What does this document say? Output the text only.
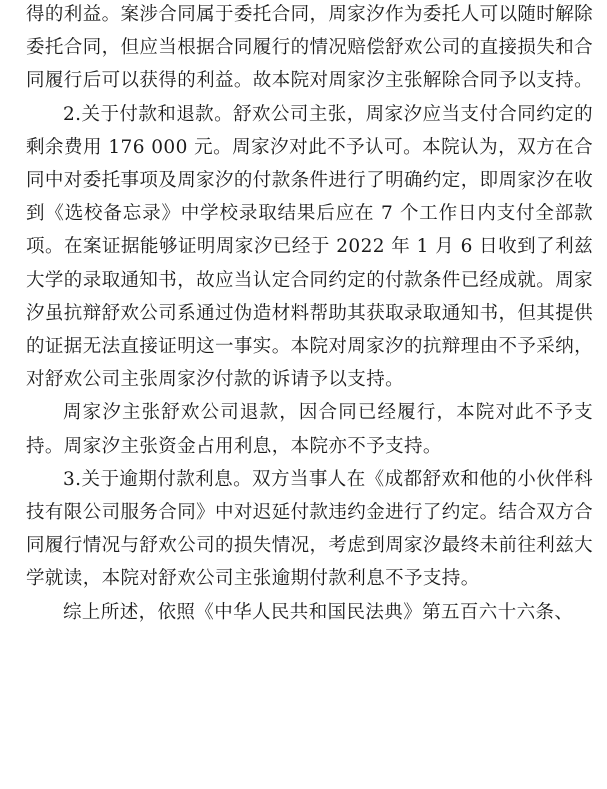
得的利益。案涉合同属于委托合同，周家汐作为委托人可以随时解除委托合同，但应当根据合同履行的情况赔偿舒欢公司的直接损失和合同履行后可以获得的利益。故本院对周家汐主张解除合同予以支持。

2.关于付款和退款。舒欢公司主张，周家汐应当支付合同约定的剩余费用 176 000 元。周家汐对此不予认可。本院认为，双方在合同中对委托事项及周家汐的付款条件进行了明确约定，即周家汐在收到《选校备忘录》中学校录取结果后应在 7 个工作日内支付全部款项。在案证据能够证明周家汐已经于 2022 年 1 月 6 日收到了利兹大学的录取通知书，故应当认定合同约定的付款条件已经成就。周家汐虽抗辩舒欢公司系通过伪造材料帮助其获取录取通知书，但其提供的证据无法直接证明这一事实。本院对周家汐的抗辩理由不予采纳，对舒欢公司主张周家汐付款的诉请予以支持。

周家汐主张舒欢公司退款，因合同已经履行，本院对此不予支持。周家汐主张资金占用利息，本院亦不予支持。

3.关于逾期付款利息。双方当事人在《成都舒欢和他的小伙伴科技有限公司服务合同》中对迟延付款违约金进行了约定。结合双方合同履行情况与舒欢公司的损失情况，考虑到周家汐最终未前往利兹大学就读，本院对舒欢公司主张逾期付款利息不予支持。

综上所述，依照《中华人民共和国民法典》第五百六十六条、
